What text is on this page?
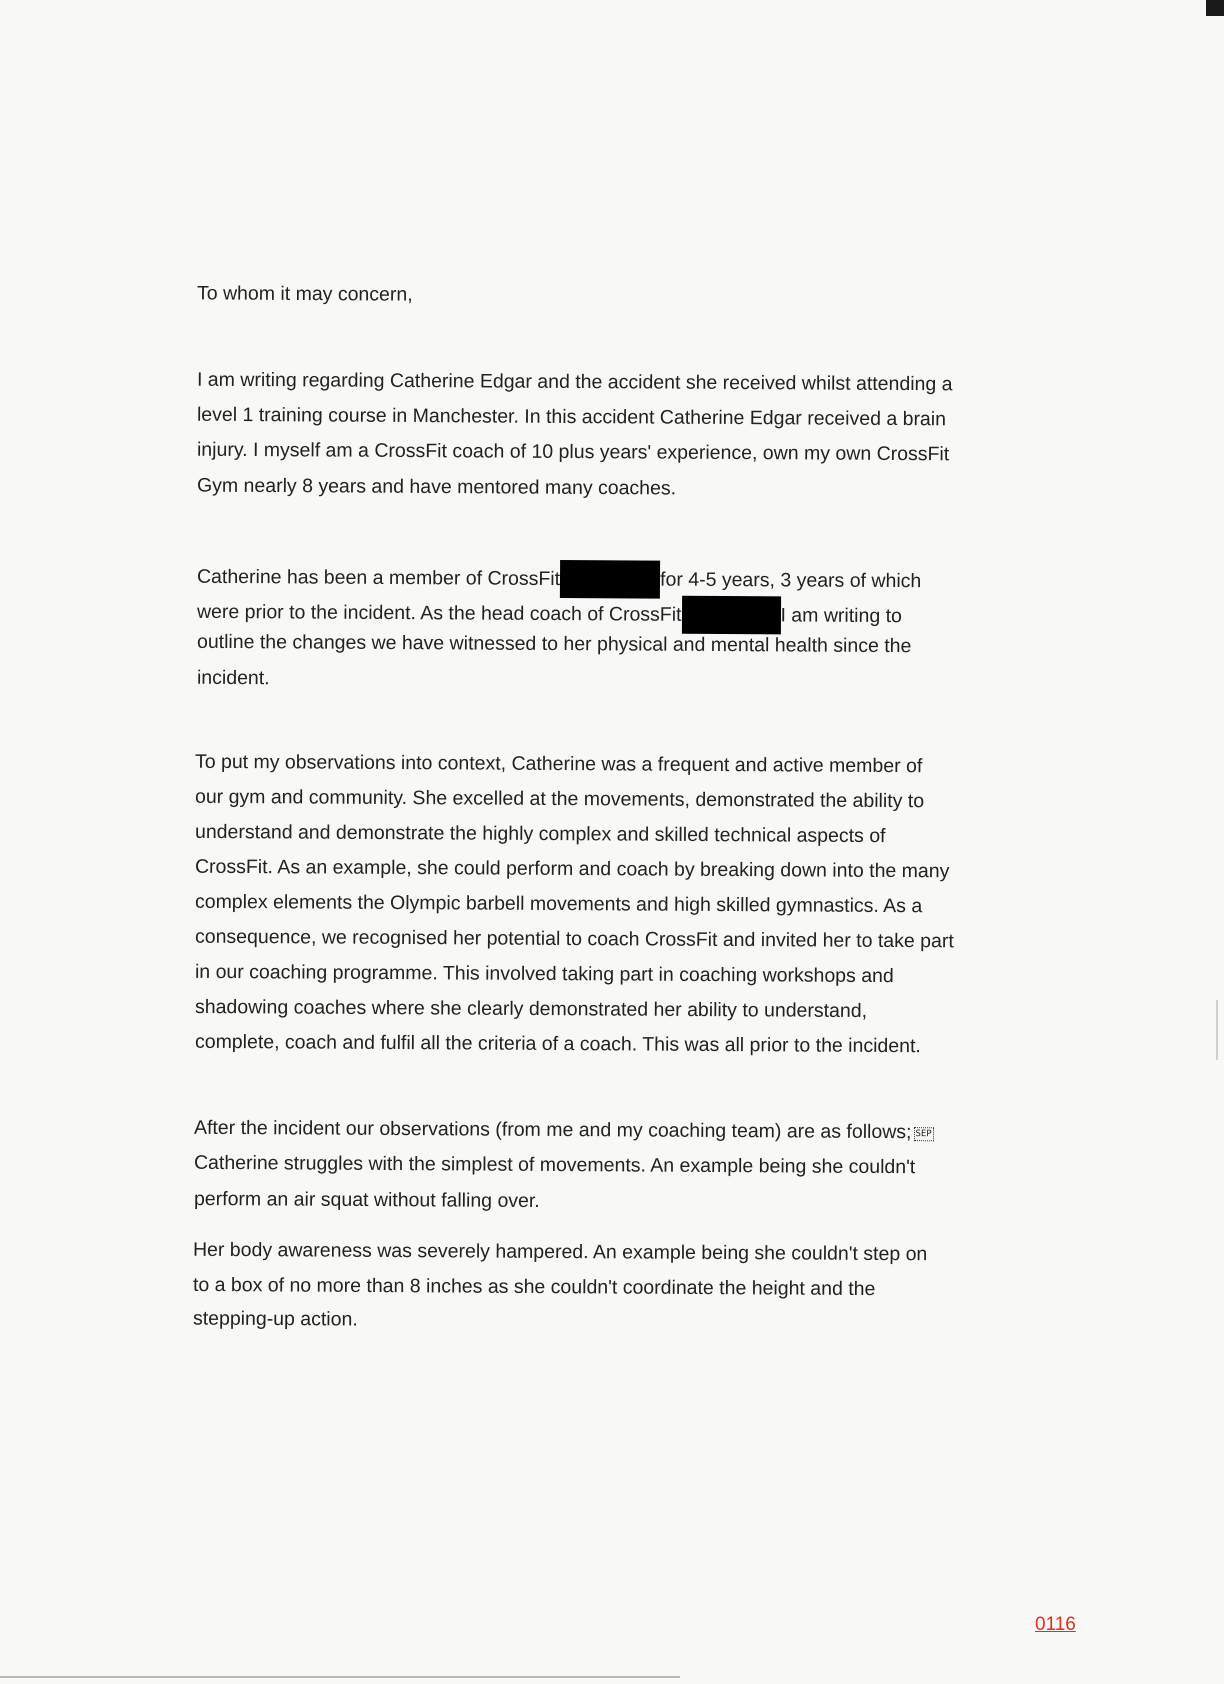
To whom it may concern,
I am writing regarding Catherine Edgar and the accident she received whilst attending a
level 1 training course in Manchester. In this accident Catherine Edgar received a brain
injury. I myself am a CrossFit coach of 10 plus years' experience, own my own CrossFit
Gym nearly 8 years and have mentored many coaches.
Catherine has been a member of CrossFit	for 4-5 years, 3 years of which
were prior to the incident. As the head coach of CrossFit	I am writing to
outline the changes we have witnessed to her physical and mental health since the
incident.
To put my observations into context, Catherine was a frequent and active member of
our gym and community. She excelled at the movements, demonstrated the ability to
understand and demonstrate the highly complex and skilled technical aspects of
CrossFit. As an example, she could perform and coach by breaking down into the many
complex elements the Olympic barbell movements and high skilled gymnastics. As a
consequence, we recognised her potential to coach CrossFit and invited her to take part
in our coaching programme. This involved taking part in coaching workshops and
shadowing coaches where she clearly demonstrated her ability to understand,
complete, coach and fulfil all the criteria of a coach. This was all prior to the incident.
After the incident our observations (from me and my coaching team) are as follows; SEP
Catherine struggles with the simplest of movements. An example being she couldn't
perform an air squat without falling over.
Her body awareness was severely hampered. An example being she couldn't step on
to a box of no more than 8 inches as she couldn't coordinate the height and the
stepping-up action.
0116
